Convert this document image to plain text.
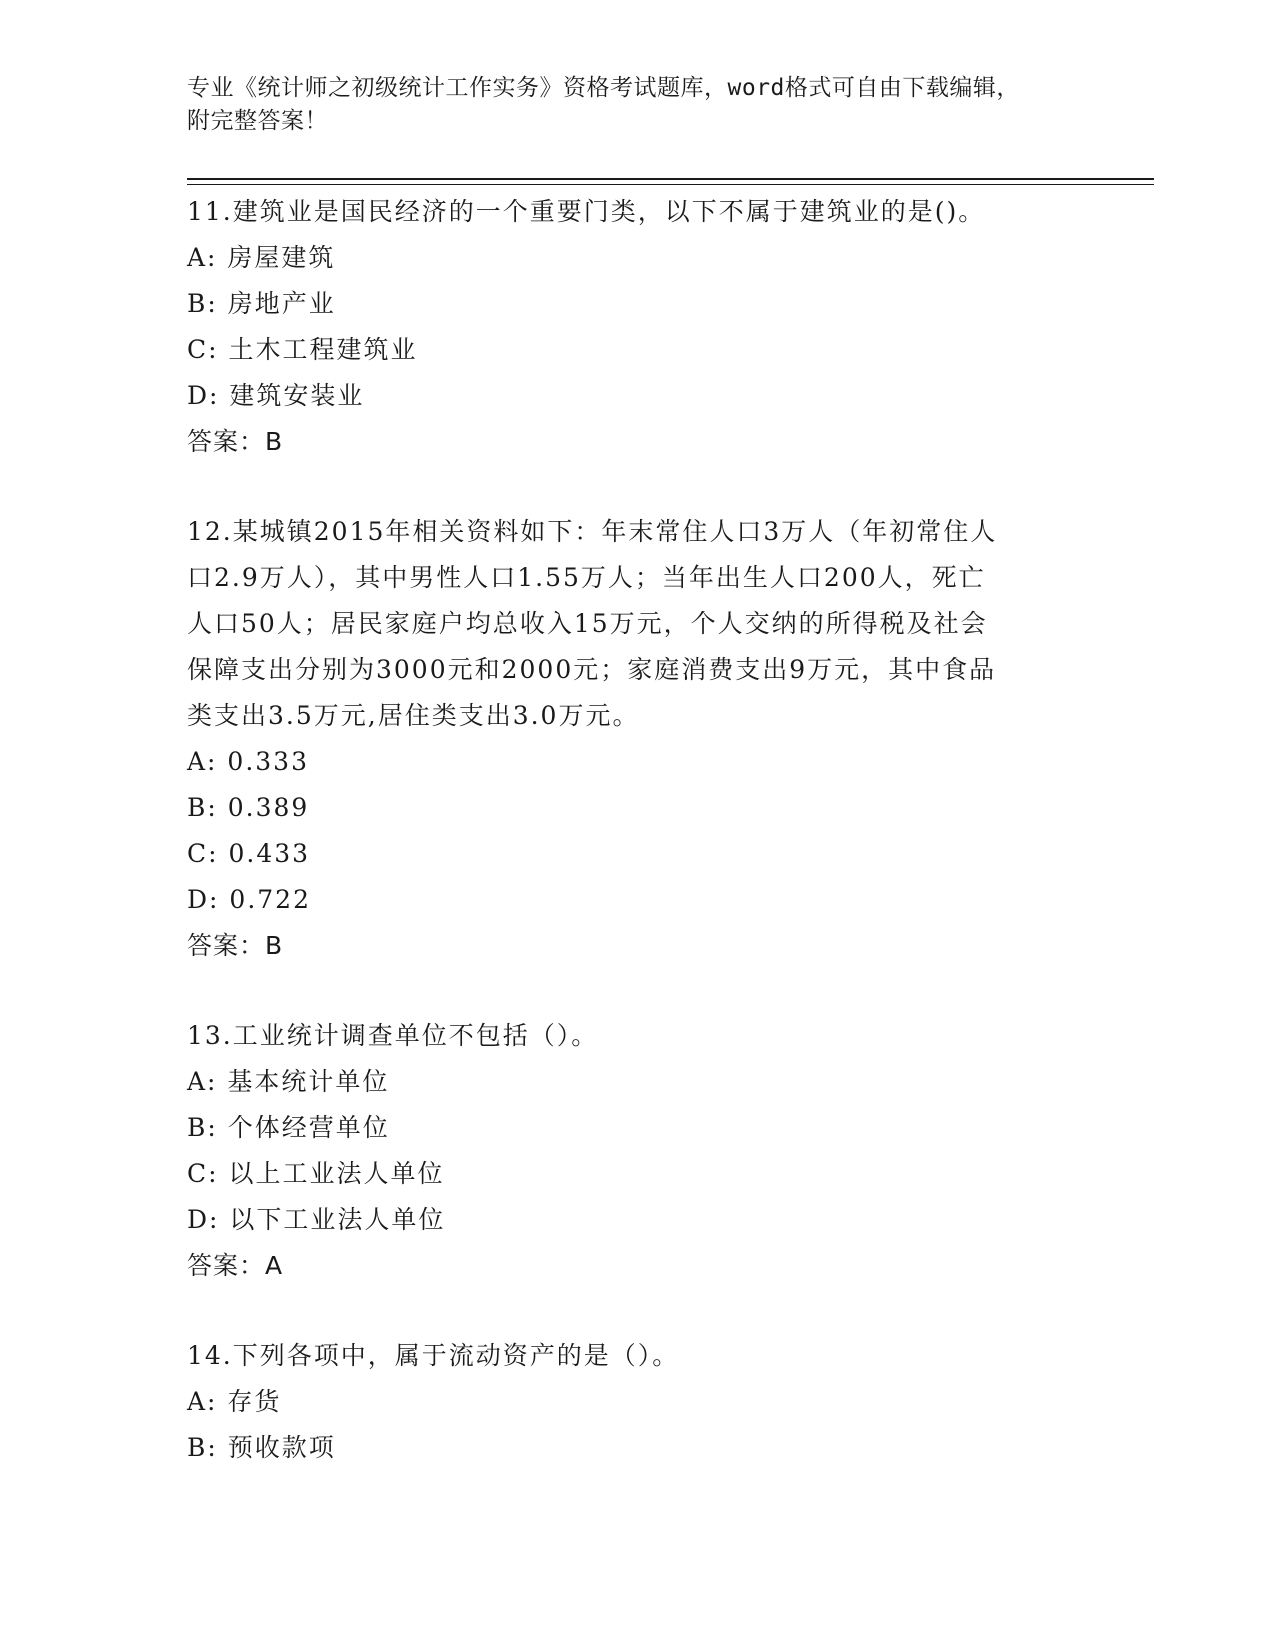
专业《统计师之初级统计工作实务》资格考试题库，word格式可自由下载编辑，
附完整答案！

11.建筑业是国民经济的一个重要门类，以下不属于建筑业的是()。

A: 房屋建筑

B: 房地产业

C: 土木工程建筑业

D: 建筑安装业

答案：B

12.某城镇2015年相关资料如下：年末常住人口3万人（年初常住人

口2.9万人），其中男性人口1.55万人；当年出生人口200人，死亡

人口50人；居民家庭户均总收入15万元，个人交纳的所得税及社会

保障支出分别为3000元和2000元；家庭消费支出9万元，其中食品

类支出3.5万元,居住类支出3.0万元。

A: 0.333

B: 0.389

C: 0.433

D: 0.722

答案：B

13.工业统计调查单位不包括（）。

A: 基本统计单位

B: 个体经营单位

C: 以上工业法人单位

D: 以下工业法人单位

答案：A

14.下列各项中，属于流动资产的是（）。

A: 存货

B: 预收款项
